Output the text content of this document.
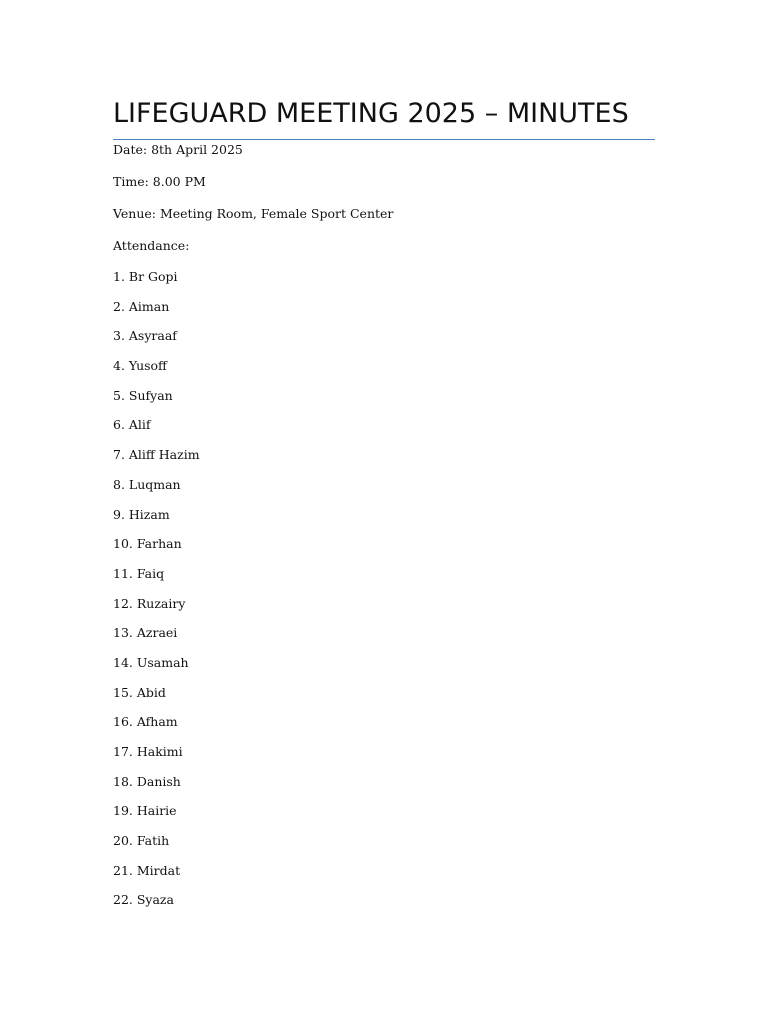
LIFEGUARD MEETING 2025 – MINUTES

Date: 8th April 2025

Time: 8.00 PM

Venue: Meeting Room, Female Sport Center

Attendance:

1. Br Gopi
2. Aiman
3. Asyraaf
4. Yusoff
5. Sufyan
6. Alif
7. Aliff Hazim
8. Luqman
9. Hizam
10. Farhan
11. Faiq
12. Ruzairy
13. Azraei
14. Usamah
15. Abid
16. Afham
17. Hakimi
18. Danish
19. Hairie
20. Fatih
21. Mirdat
22. Syaza
